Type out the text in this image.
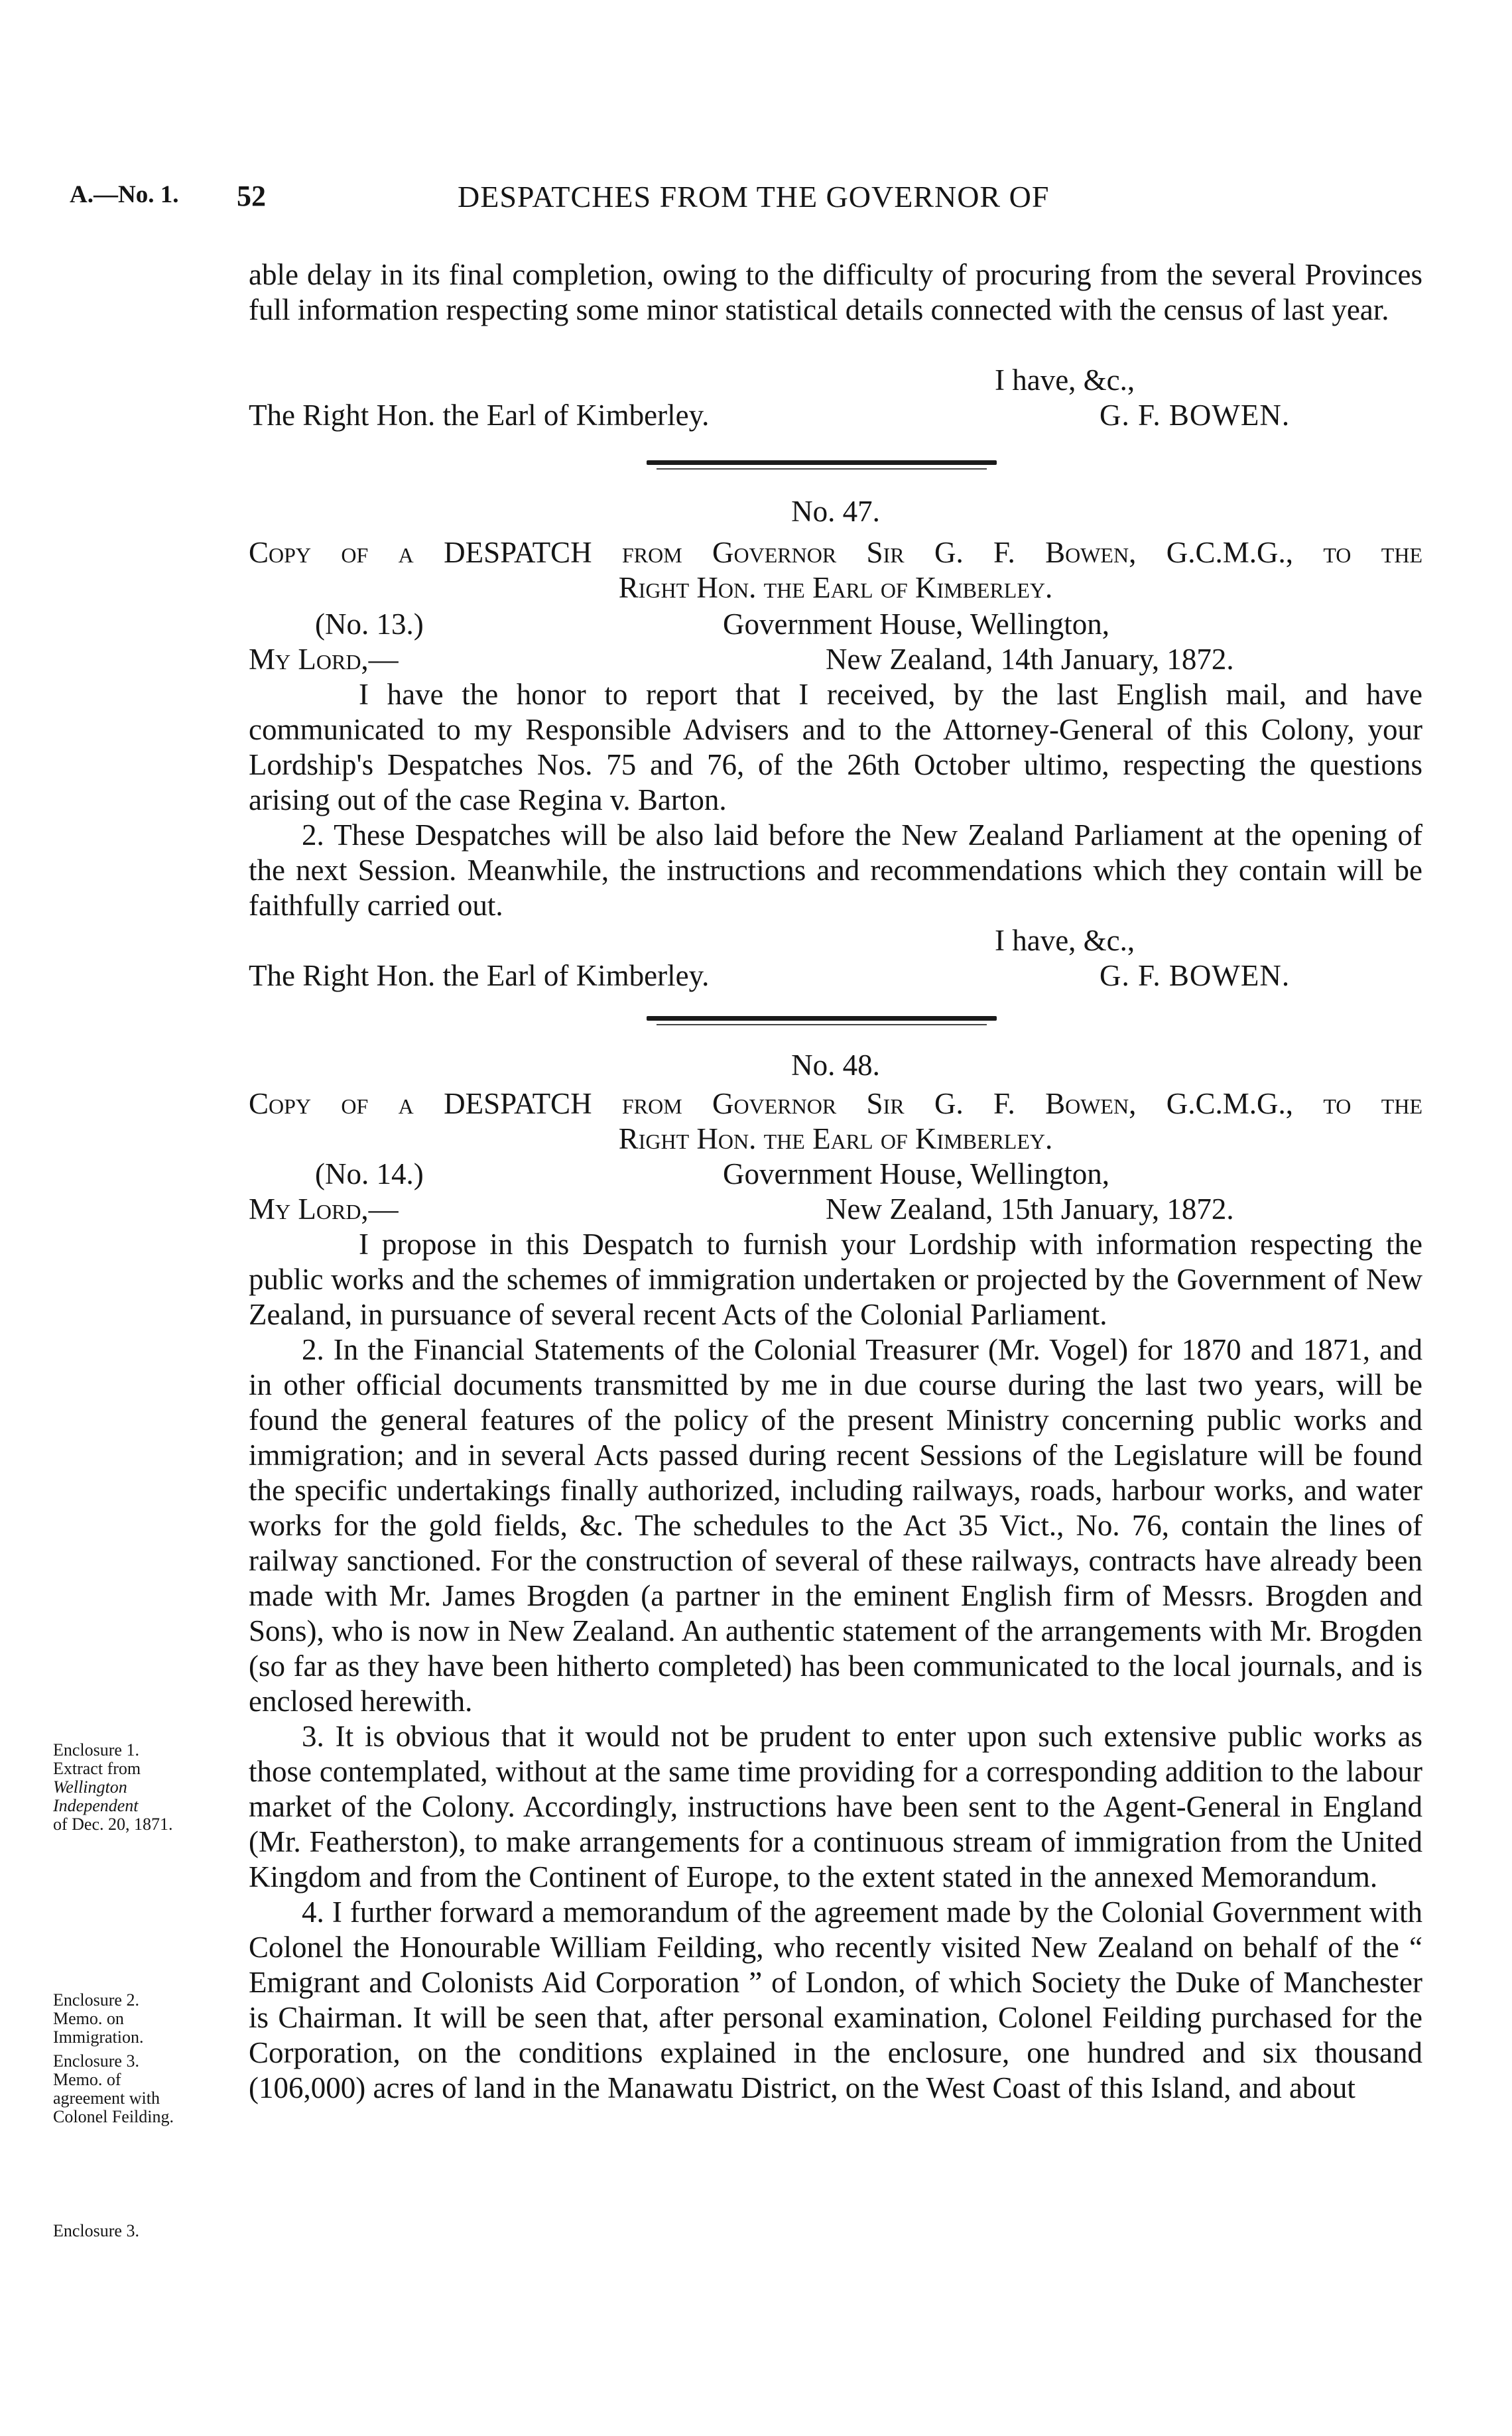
A.—No. 1. 52	DESPATCHES FROM THE GOVERNOR OF

able delay in its final completion, owing to the difficulty of procuring from the several Provinces full information respecting some minor statistical details connected with the census of last year.

I have, &c.,
The Right Hon. the Earl of Kimberley.	G. F. BOWEN.
No. 47.

Copy of a DESPATCH from Governor Sir G. F. Bowen, G.C.M.G., to the

Right Hon. the Earl of Kimberley.
(No. 13.)	Government House, Wellington,
My Lord,—	New Zealand, 14th January, 1872.

I have the honor to report that I received, by the last English mail, and have communicated to my Responsible Advisers and to the Attorney-General of this Colony, your Lordship's Despatches Nos. 75 and 76, of the 26th October ultimo, respecting the questions arising out of the case Regina v. Barton.

2. These Despatches will be also laid before the New Zealand Parliament at the opening of the next Session. Meanwhile, the instructions and recommendations which they contain will be faithfully carried out.

I have, &c.,
The Right Hon. the Earl of Kimberley.	G. F. BOWEN.
No. 48.

Copy of a DESPATCH from Governor Sir G. F. Bowen, G.C.M.G., to the

Right Hon. the Earl of Kimberley.
(No. 14.)	Government House, Wellington,
My Lord,—	New Zealand, 15th January, 1872.

I propose in this Despatch to furnish your Lordship with information respecting the public works and the schemes of immigration undertaken or projected by the Government of New Zealand, in pursuance of several recent Acts of the Colonial Parliament.

2. In the Financial Statements of the Colonial Treasurer (Mr. Vogel) for 1870 and 1871, and in other official documents transmitted by me in due course during the last two years, will be found the general features of the policy of the present Ministry concerning public works and immigration; and in several Acts passed during recent Sessions of the Legislature will be found the specific undertakings finally authorized, including railways, roads, harbour works, and water works for the gold fields, &c. The schedules to the Act 35 Vict., No. 76, contain the lines of railway sanctioned. For the construction of several of these railways, contracts have already been made with Mr. James Brogden (a partner in the eminent English firm of Messrs. Brogden and Sons), who is now in New Zealand. An authentic statement of the arrangements with Mr. Brogden (so far as they have been hitherto completed) has been communicated to the local journals, and is enclosed herewith.

3. It is obvious that it would not be prudent to enter upon such extensive public works as those contemplated, without at the same time providing for a corresponding addition to the labour market of the Colony. Accordingly, instructions have been sent to the Agent-General in England (Mr. Featherston), to make arrangements for a continuous stream of immigration from the United Kingdom and from the Continent of Europe, to the extent stated in the annexed Memorandum.

4. I further forward a memorandum of the agreement made by the Colonial Government with Colonel the Honourable William Feilding, who recently visited New Zealand on behalf of the “ Emigrant and Colonists Aid Corporation ” of London, of which Society the Duke of Manchester is Chairman. It will be seen that, after personal examination, Colonel Feilding purchased for the Corporation, on the conditions explained in the enclosure, one hundred and six thousand (106,000) acres of land in the Manawatu District, on the West Coast of this Island, and about

Enclosure 1.
Extract from
Wellington
Independent
of Dec. 20, 1871.
Enclosure 2.
Memo. on
Immigration.
Enclosure 3.
Memo. of
agreement with
Colonel Feilding.
Enclosure 3.
